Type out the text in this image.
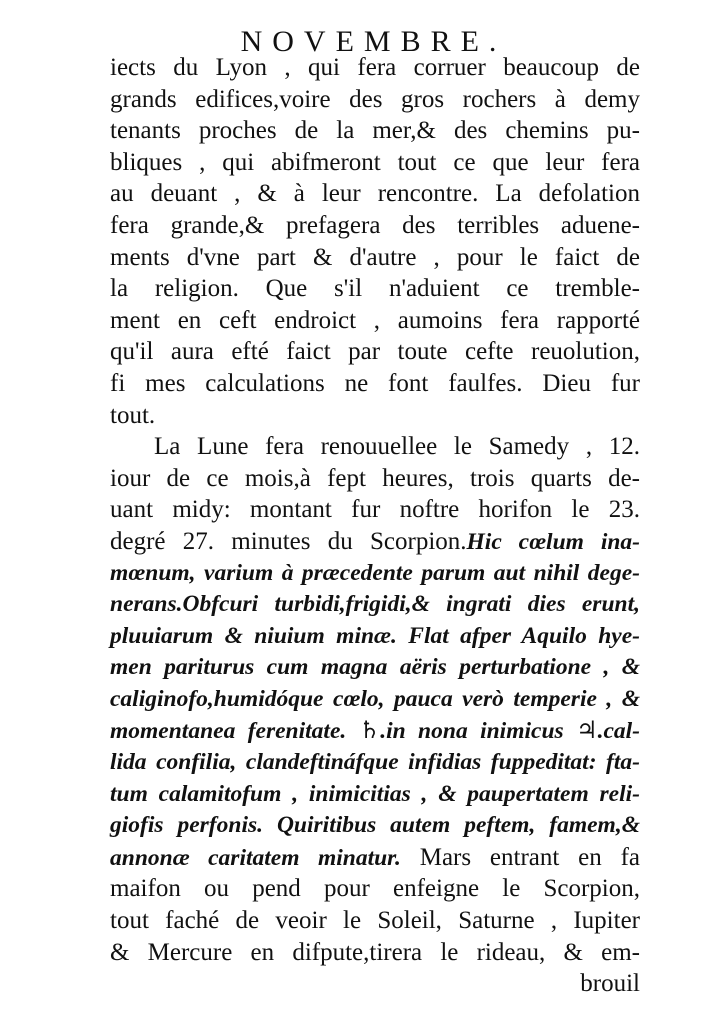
NOVEMBRE.
iects du Lyon , qui fera corruer beaucoup de
grands edifices,voire des gros rochers à demy
tenants proches de la mer,& des chemins pu-
bliques , qui abifmeront tout ce que leur fera
au deuant , & à leur rencontre. La defolation
fera grande,& prefagera des terribles aduene-
ments d'vne part & d'autre , pour le faict de
la religion. Que s'il n'aduient ce tremble-
ment en ceft endroict , aumoins fera rapporté
qu'il aura efté faict par toute cefte reuolution,
fi mes calculations ne font faulfes. Dieu fur
tout.
La Lune fera renouuellee le Samedy , 12.
iour de ce mois,à fept heures, trois quarts de-
uant midy: montant fur noftre horifon le 23.
degré 27. minutes du Scorpion.Hic cœlum ina-
mœnum, varium à præcedente parum aut nihil dege-
nerans.Obfcuri turbidi,frigidi,& ingrati dies erunt,
pluuiarum & niuium minæ. Flat afper Aquilo hye-
men pariturus cum magna aëris perturbatione , &
caliginofo,humidóque cœlo, pauca verò temperie , &
momentanea ferenitate. ♄.in nona inimicus ♃.cal-
lida confilia, clandeftináfque infidias fuppeditat: fta-
tum calamitofum , inimicitias , & paupertatem reli-
giofis perfonis. Quiritibus autem peftem, famem,&
annonæ caritatem minatur. Mars entrant en fa
maifon ou pend pour enfeigne le Scorpion,
tout faché de veoir le Soleil, Saturne , Iupiter
& Mercure en difpute,tirera le rideau, & em-
brouil
